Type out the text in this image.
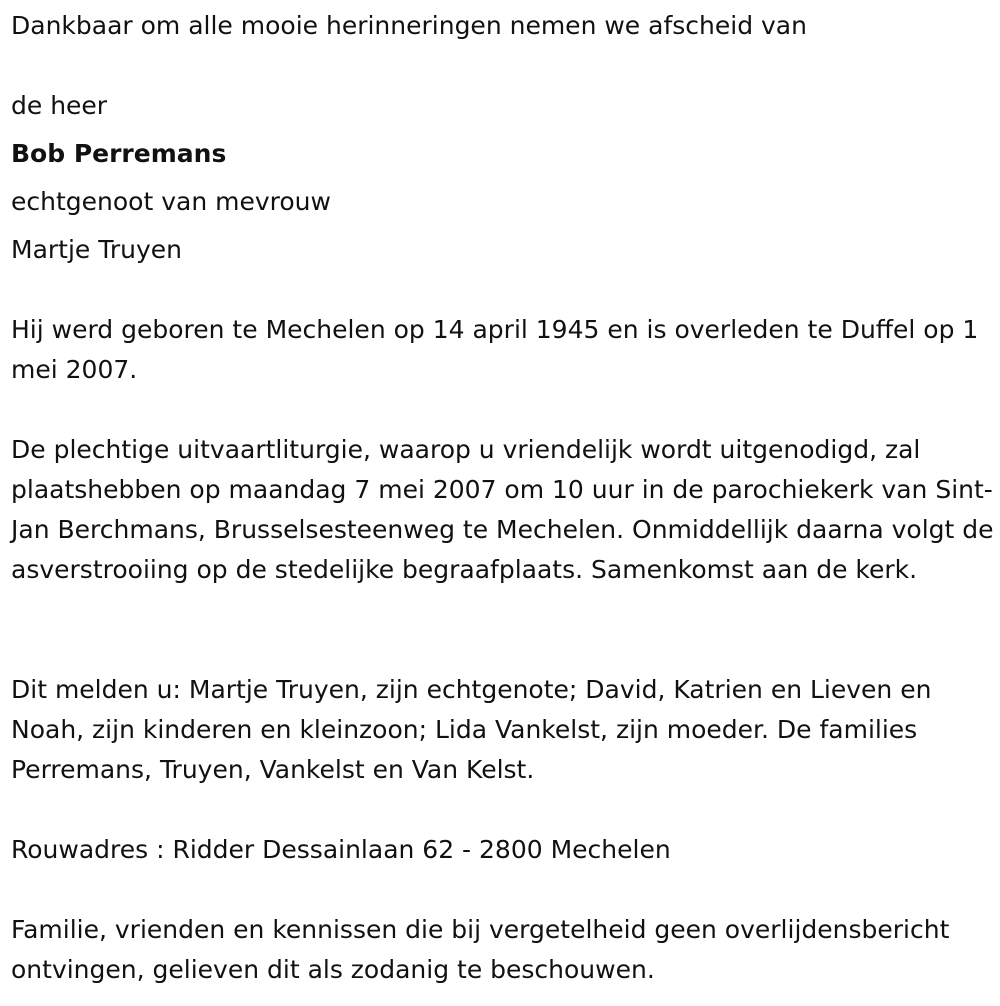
Dankbaar om alle mooie herinneringen nemen we afscheid van
de heer
Bob Perremans
echtgenoot van mevrouw
Martje Truyen
Hij werd geboren te Mechelen op 14 april 1945 en is overleden te Duffel op 1 mei 2007.
De plechtige uitvaartliturgie, waarop u vriendelijk wordt uitgenodigd, zal plaatshebben op maandag 7 mei 2007 om 10 uur in de parochiekerk van Sint-Jan Berchmans, Brusselsesteenweg te Mechelen. Onmiddellijk daarna volgt de asverstrooiing op de stedelijke begraafplaats. Samenkomst aan de kerk.
Dit melden u: Martje Truyen, zijn echtgenote; David, Katrien en Lieven en Noah, zijn kinderen en kleinzoon; Lida Vankelst, zijn moeder. De families Perremans, Truyen, Vankelst en Van Kelst.
Rouwadres : Ridder Dessainlaan 62 - 2800 Mechelen
Familie, vrienden en kennissen die bij vergetelheid geen overlijdensbericht ontvingen, gelieven dit als zodanig te beschouwen.
